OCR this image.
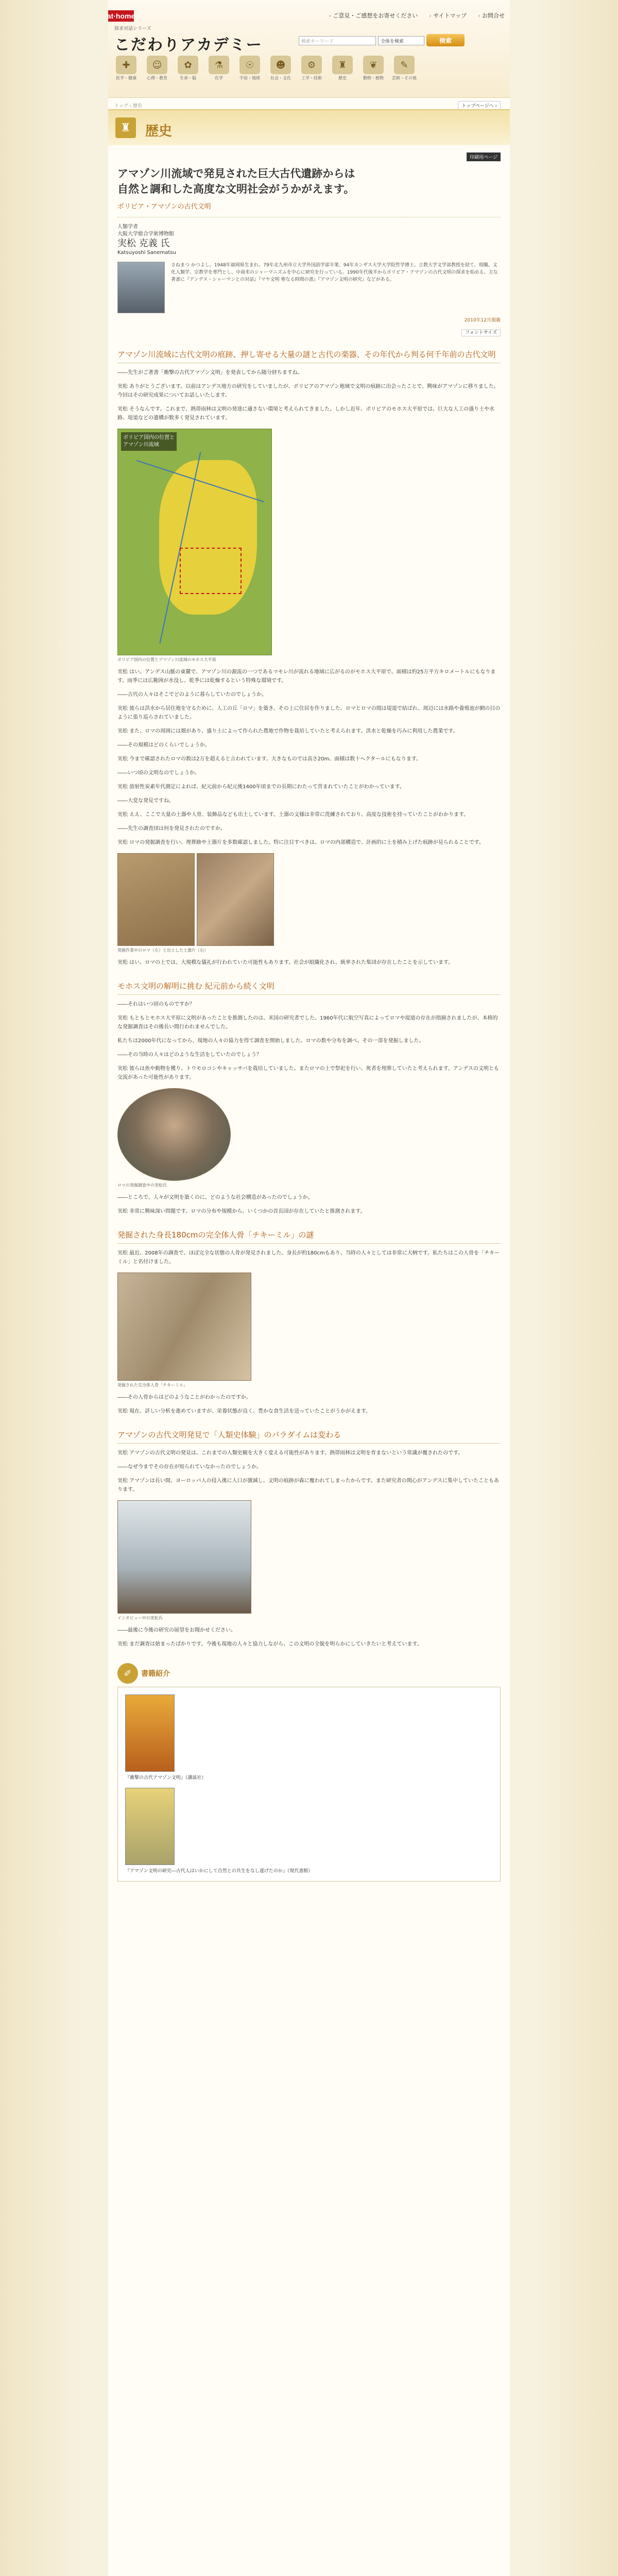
at·home
探求対話シリーズ
こだわりアカデミー
› ご意見・ご感想をお寄せください	› サイトマップ	› お問合せ
検索キーワード	全体を検索	検索
✚
医学・健康
☺
心理・教育
✿
生命・脳
⚗
化学
☉
宇宙・地球
☻
社会・文化
⚙
工学・技術
♜
歴史
❦
動物・植物
✎
芸術・その他
トップ › 歴史	トップページへ ›
♜	歴史
印刷用ページ
アマゾン川流域で発見された巨大古代遺跡からは
自然と調和した高度な文明社会がうかがえます。
ボリビア・アマゾンの古代文明
人類学者
大阪大学総合学術博物館
実松 克義 氏
Katsuyoshi Sanematsu
さねまつ かつよし。1948年福岡県生まれ。79年北九州市立大学外国語学部卒業。94年カンザス大学大学院哲学博士。立教大学文学部教授を経て、現職。文化人類学、宗教学を専門とし、中南米のシャーマニズムを中心に研究を行っている。1990年代後半からボリビア・アマゾンの古代文明の探求を始める。主な著書に『アンデス・シャーマンとの対話』『マヤ文明 聖なる時間の書』『アマゾン文明の研究』などがある。
2010年12月掲載
フォントサイズ
アマゾン川流域に古代文明の痕跡、押し寄せる大量の謎と古代の楽器、その年代から判る何千年前の古代文明

――先生がご著書「衝撃の古代アマゾン文明」を発表してから随分経ちますね。

実松 ありがとうございます。以前はアンデス地方の研究をしていましたが、ボリビアのアマゾン地域で文明の痕跡に出会ったことで、興味がアマゾンに移りました。今回はその研究成果についてお話しいたします。

実松 そうなんです。これまで、熱帯雨林は文明の発達に適さない環境と考えられてきました。しかし近年、ボリビアのモホス大平原では、巨大な人工の盛り土や水路、堤道などの遺構が数多く発見されています。

ボリビア国内の位置と
アマゾン川流域
ボリビア国内の位置とアマゾン川流域のモホス大平原

実松 はい。アンデス山脈の東麓で、アマゾン川の源流の一つであるマモレ川が流れる地域に広がるのがモホス大平原で、面積は約25万平方キロメートルにもなります。雨季には広範囲が水没し、乾季には乾燥するという特殊な環境です。

――古代の人々はそこでどのように暮らしていたのでしょうか。

実松 彼らは洪水から居住地を守るために、人工の丘「ロマ」を築き、その上に住居を作りました。ロマとロマの間は堤道で結ばれ、周辺には水路や養殖池が網の目のように張り巡らされていました。

実松 また、ロマの周囲には畑があり、盛り土によって作られた農地で作物を栽培していたと考えられます。洪水と乾燥を巧みに利用した農業です。

――その規模はどのくらいでしょうか。

実松 今まで確認されたロマの数は2万を超えると言われています。大きなものでは高さ20m、面積は数十ヘクタールにもなります。

――いつ頃の文明なのでしょうか。

実松 放射性炭素年代測定によれば、紀元前から紀元後1400年頃までの長期にわたって営まれていたことがわかっています。

――大変な発見ですね。

実松 ええ、ここで大量の土器や人骨、装飾品なども出土しています。土器の文様は非常に洗練されており、高度な技術を持っていたことがわかります。

――先生の調査団は何を発見されたのですか。

実松 ロマの発掘調査を行い、埋葬跡や土器片を多数確認しました。特に注目すべきは、ロマの内部構造で、計画的に土を積み上げた痕跡が見られることです。

発掘作業中のロマ（左）と出土した土器片（右）

実松 はい。ロマの上では、大規模な儀礼が行われていた可能性もあります。社会が組織化され、統率された集団が存在したことを示しています。

モホス文明の解明に挑む 紀元前から続く文明

――それはいつ頃のものですか？

実松 もともとモホス大平原に文明があったことを推測したのは、米国の研究者でした。1960年代に航空写真によってロマや堤道の存在が指摘されましたが、本格的な発掘調査はその後長い間行われませんでした。

私たちは2000年代になってから、現地の人々の協力を得て調査を開始しました。ロマの数や分布を調べ、その一部を発掘しました。

――その当時の人々はどのような生活をしていたのでしょう？

実松 彼らは魚や動物を獲り、トウモロコシやキャッサバを栽培していました。またロマの上で祭祀を行い、死者を埋葬していたと考えられます。アンデスの文明とも交流があった可能性があります。

ロマの発掘調査中の実松氏

――ところで、人々が文明を築くのに、どのような社会構造があったのでしょうか。

実松 非常に興味深い問題です。ロマの分布や規模から、いくつかの首長国が存在していたと推測されます。

発掘された身長180cmの完全体人骨「チキーミル」の謎

実松 最近、2008年の調査で、ほぼ完全な状態の人骨が発見されました。身長が約180cmもあり、当時の人々としては非常に大柄です。私たちはこの人骨を「チキーミル」と名付けました。

発掘された完全体人骨「チキーミル」

――その人骨からはどのようなことがわかったのですか。

実松 現在、詳しい分析を進めていますが、栄養状態が良く、豊かな食生活を送っていたことがうかがえます。

アマゾンの古代文明発見で「人類史体験」のパラダイムは変わる

実松 アマゾンの古代文明の発見は、これまでの人類史観を大きく変える可能性があります。熱帯雨林は文明を育まないという常識が覆されたのです。

――なぜ今までその存在が知られていなかったのでしょうか。

実松 アマゾンは長い間、ヨーロッパ人の侵入後に人口が激減し、文明の痕跡が森に覆われてしまったからです。また研究者の関心がアンデスに集中していたこともあります。

インタビュー中の実松氏

――最後に今後の研究の展望をお聞かせください。

実松 まだ調査は始まったばかりです。今後も現地の人々と協力しながら、この文明の全貌を明らかにしていきたいと考えています。

✐	書籍紹介
『衝撃の古代アマゾン文明』（講談社）
『アマゾン文明の研究―古代人はいかにして自然との共生をなし遂げたのか』（現代書館）
